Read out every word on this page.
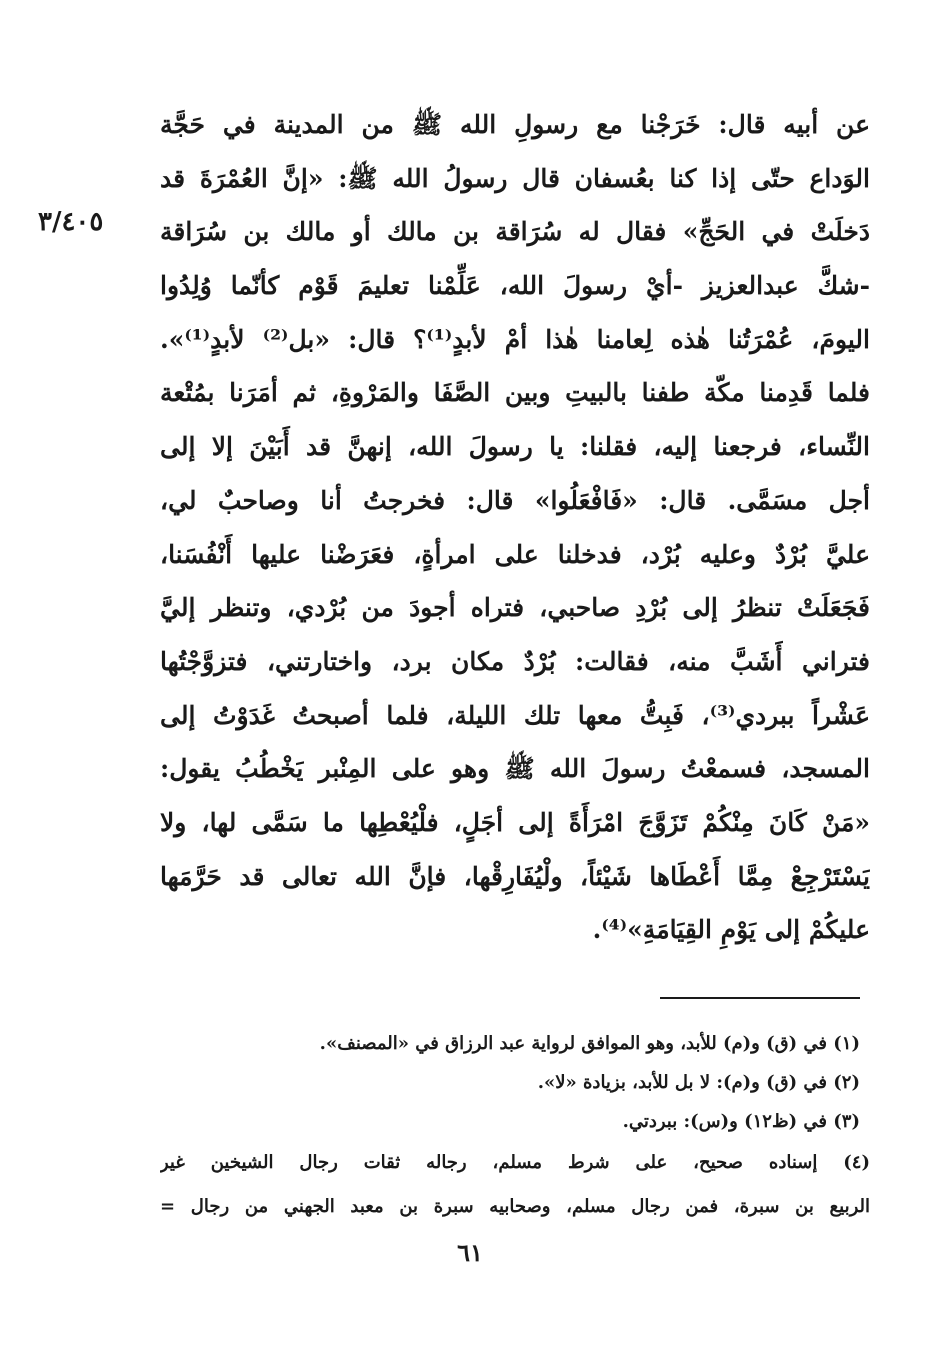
٣/٤٠٥
عن أبيه قال: خَرَجْنا مع رسولِ الله ﷺ من المدينة في حَجَّة
الوَداع حتّى إذا كنا بعُسفان قال رسولُ الله ﷺ: «إنَّ العُمْرَةَ قد
دَخلَتْ في الحَجِّ» فقال له سُرَاقة بن مالك أو مالك بن سُرَاقة
-شكَّ عبدالعزيز -أيْ رسولَ الله، عَلِّمْنا تعليمَ قَوْم كأنّما وُلِدُوا
اليومَ، عُمْرَتُنا هٰذه لِعامنا هٰذا أمْ لأبدٍ⁽¹⁾؟ قال: «بل⁽²⁾ لأبدٍ⁽¹⁾».
فلما قَدِمنا مكّة طفنا بالبيتِ وبين الصَّفَا والمَرْوةِ، ثم أمَرَنا بمُتْعة
النِّساء، فرجعنا إليه، فقلنا: يا رسولَ الله، إنهنَّ قد أَبَيْنَ إلا إلى
أجل مسَمَّى. قال: «فَافْعَلُوا» قال: فخرجتُ أنا وصاحبٌ لي،
عليَّ بُرْدٌ وعليه بُرْد، فدخلنا على امرأةٍ، فعَرَضْنا عليها أَنْفُسَنا،
فَجَعَلَتْ تنظرُ إلى بُرْدِ صاحبي، فتراه أجودَ من بُرْدي، وتنظر إليَّ
فتراني أَشَبَّ منه، فقالت: بُرْدٌ مكان برد، واختارتني، فتزوَّجْتُها
عَشْراً ببردي⁽³⁾، فَبِتُّ معها تلك الليلة، فلما أصبحتُ غَدَوْتُ إلى
المسجد، فسمعْتُ رسولَ الله ﷺ وهو على المِنْبر يَخْطُبُ يقول:
«مَنْ كَانَ مِنْكُمْ تَزَوَّجَ امْرَأَةً إلى أجَلٍ، فلْيُعْطِها ما سَمَّى لها، ولا
يَسْتَرْجِعْ مِمَّا أَعْطَاها شَيْئاً، ولْيُفَارِقْها، فإنَّ الله تعالى قد حَرَّمَها
عليكُمْ إلى يَوْمِ القِيَامَةِ»⁽⁴⁾.
(١) في (ق) و(م) للأبد، وهو الموافق لرواية عبد الرزاق في «المصنف».
(٢) في (ق) و(م): لا بل للأبد، بزيادة «لا».
(٣) في (ظ١٢) و(س): ببردتي.
(٤) إسناده صحيح، على شرط مسلم، رجاله ثقات رجال الشيخين غير
الربيع بن سبرة، فمن رجال مسلم، وصحابيه سبرة بن معبد الجهني من رجال =
٦١
